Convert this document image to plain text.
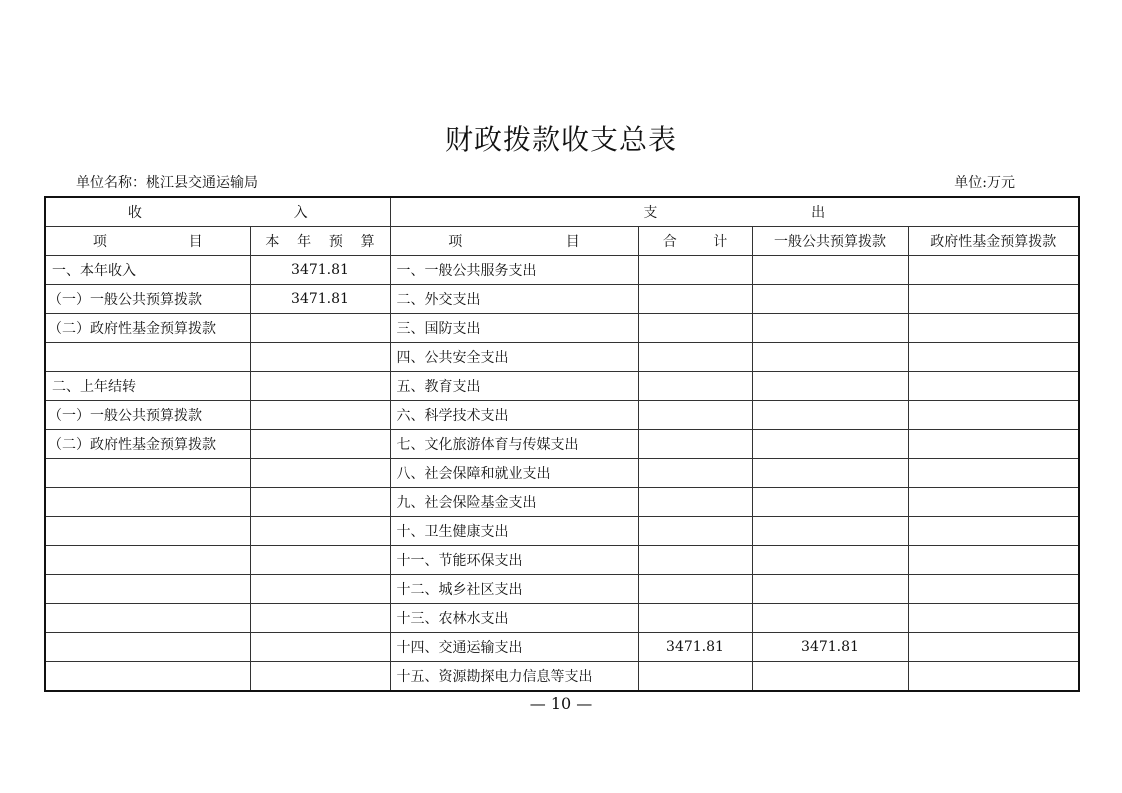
财政拨款收支总表
单位名称：桃江县交通运输局	单位:万元
收 入		支 出			

项 目	本 年 预 算	项 目	合 计	一般公共预算拨款	政府性基金预算拨款
一、本年收入	3471.81	一、一般公共服务支出			
（一）一般公共预算拨款	3471.81	二、外交支出			
（二）政府性基金预算拨款		三、国防支出			
		四、公共安全支出			
二、上年结转		五、教育支出			
（一）一般公共预算拨款		六、科学技术支出			
（二）政府性基金预算拨款		七、文化旅游体育与传媒支出			
		八、社会保障和就业支出			
		九、社会保险基金支出			
		十、卫生健康支出			
		十一、节能环保支出			
		十二、城乡社区支出			
		十三、农林水支出			
		十四、交通运输支出	3471.81	3471.81	
		十五、资源勘探电力信息等支出			
— 10 —
